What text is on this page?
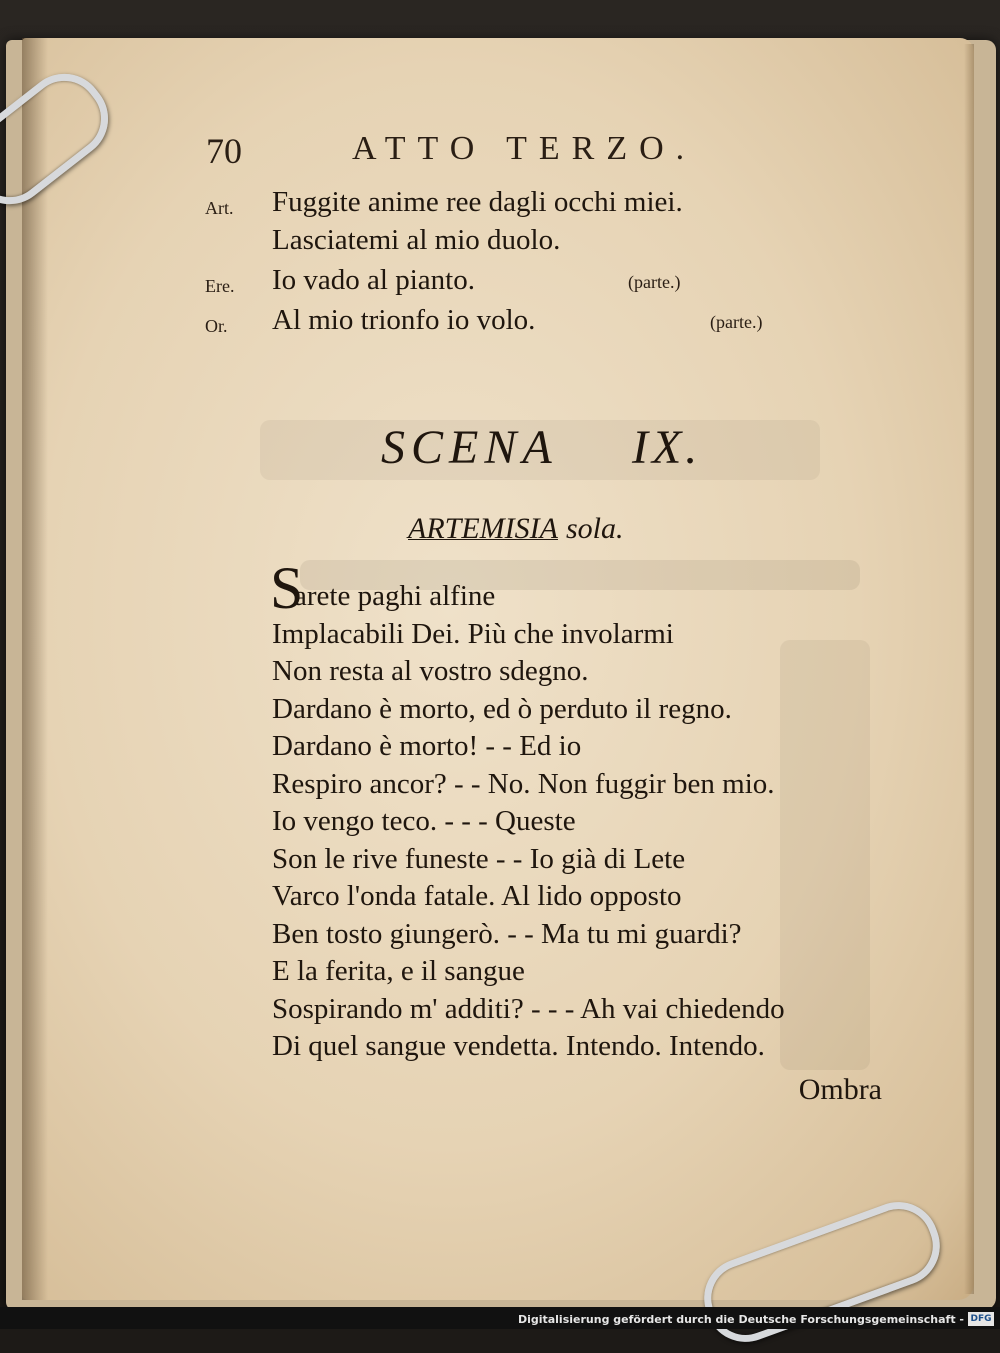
70	ATTO TERZO.
Art. Fuggite anime ree dagli occhi miei.
Lasciatemi al mio duolo.
Ere. Io vado al pianto.	(parte.)
Or. Al mio trionfo io volo.	(parte.)
SCENA IX.
ARTEMISIA sola.
S
arete paghi alfine
Implacabili Dei. Più che involarmi
Non resta al vostro sdegno.
Dardano è morto, ed ò perduto il regno.
Dardano è morto! - - Ed io
Respiro ancor? - - No. Non fuggir ben mio.
Io vengo teco. - - - Queste
Son le rive funeste - - Io già di Lete
Varco l'onda fatale. Al lido opposto
Ben tosto giungerò. - - Ma tu mi guardi?
E la ferita, e il sangue
Sospirando m' additi? - - - Ah vai chiedendo
Di quel sangue vendetta. Intendo. Intendo.
Ombra
Digitalisierung gefördert durch die Deutsche Forschungsgemeinschaft - DFG
